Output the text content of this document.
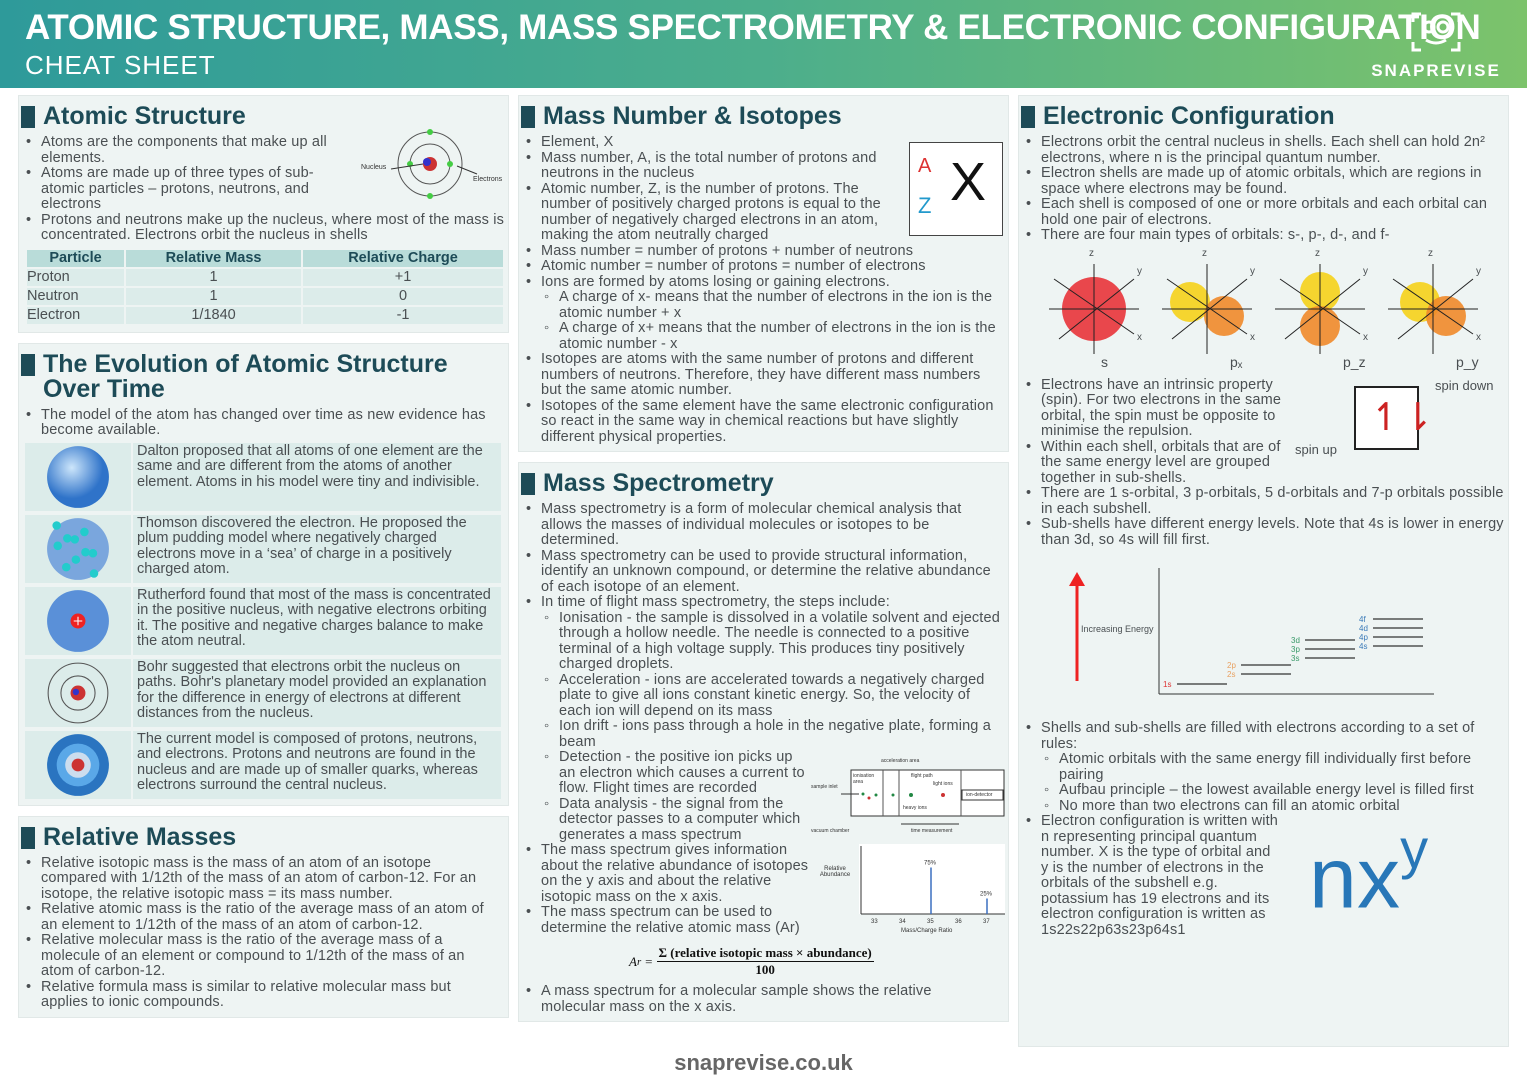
ATOMIC STRUCTURE, MASS, MASS SPECTROMETRY & ELECTRONIC CONFIGURATION
CHEAT SHEET	SNAPREVISE
Atomic Structure
• Atoms are the components that make up all elements.
• Atoms are made up of three types of sub-atomic particles – protons, neutrons, and electrons
• Protons and neutrons make up the nucleus, where most of the mass is concentrated. Electrons orbit the nucleus in shells
Nucleus
Electrons
Particle	Relative Mass	Relative Charge
Proton	1	+1
Neutron	1	0
Electron	1/1840	-1
The Evolution of Atomic Structure Over Time
• The model of the atom has changed over time as new evidence has become available.
Dalton proposed that all atoms of one element are the same and are different from the atoms of another element. Atoms in his model were tiny and indivisible.
Thomson discovered the electron. He proposed the plum pudding model where negatively charged electrons move in a ‘sea’ of charge in a positively charged atom.
Rutherford found that most of the mass is concentrated in the positive nucleus, with negative electrons orbiting it. The positive and negative charges balance to make the atom neutral.
Bohr suggested that electrons orbit the nucleus on paths. Bohr's planetary model provided an explanation for the difference in energy of electrons at different distances from the nucleus.
The current model is composed of protons, neutrons, and electrons. Protons and neutrons are found in the nucleus and are made up of smaller quarks, whereas electrons surround the central nucleus.
Relative Masses
• Relative isotopic mass is the mass of an atom of an isotope compared with 1/12th of the mass of an atom of carbon-12. For an isotope, the relative isotopic mass = its mass number.
• Relative atomic mass is the ratio of the average mass of an atom of an element to 1/12th of the mass of an atom of carbon-12.
• Relative molecular mass is the ratio of the average mass of a molecule of an element or compound to 1/12th of the mass of an atom of carbon-12.
• Relative formula mass is similar to relative molecular mass but applies to ionic compounds.
Mass Number & Isotopes
• Element, X
• Mass number, A, is the total number of protons and neutrons in the nucleus
• Atomic number, Z, is the number of protons. The number of positively charged protons is equal to the number of negatively charged electrons in an atom, making the atom neutrally charged
• Mass number = number of protons + number of neutrons
• Atomic number = number of protons = number of electrons
• Ions are formed by atoms losing or gaining electrons.
◦ A charge of x- means that the number of electrons in the ion is the atomic number + x
◦ A charge of x+ means that the number of electrons in the ion is the atomic number - x
• Isotopes are atoms with the same number of protons and different numbers of neutrons. Therefore, they have different mass numbers but the same atomic number.
• Isotopes of the same element have the same electronic configuration so react in the same way in chemical reactions but have slightly different physical properties.
A
Z X
Mass Spectrometry
• Mass spectrometry is a form of molecular chemical analysis that allows the masses of individual molecules or isotopes to be determined.
• Mass spectrometry can be used to provide structural information, identify an unknown compound, or determine the relative abundance of each isotope of an element.
• In time of flight mass spectrometry, the steps include:
◦ Ionisation - the sample is dissolved in a volatile solvent and ejected through a hollow needle. The needle is connected to a positive terminal of a high voltage supply. This produces tiny positively charged droplets.
◦ Acceleration - ions are accelerated towards a negatively charged plate to give all ions constant kinetic energy. So, the velocity of each ion will depend on its mass
◦ Ion drift - ions pass through a hole in the negative plate, forming a beam
◦ Detection - the positive ion picks up an electron which causes a current to flow. Flight times are recorded
◦ Data analysis - the signal from the detector passes to a computer which generates a mass spectrum
• The mass spectrum gives information about the relative abundance of isotopes on the y axis and about the relative isotopic mass on the x axis.
• The mass spectrum can be used to determine the relative atomic mass (Ar)
acceleration area
ionisation area
flight path
light ions
heavy ions
sample inlet
ion-detector
vacuum chamber	time measurement
33	34	35
75%
36	37
25%
Relative Abundance
Mass/Charge Ratio
A r =
Σ (relative isotopic mass × abundance)
100
• A mass spectrum for a molecular sample shows the relative molecular mass on the x axis.
Electronic Configuration
• Electrons orbit the central nucleus in shells. Each shell can hold 2n² electrons, where n is the principal quantum number.
• Electron shells are made up of atomic orbitals, which are regions in space where electrons may be found.
• Each shell is composed of one or more orbitals and each orbital can hold one pair of electrons.
• There are four main types of orbitals: s-, p-, d-, and f-
z
y
x
s
z
y
x
pₓ
z
y
x
p_z
z
y
x
p_y
• Electrons have an intrinsic property (spin). For two electrons in the same orbital, the spin must be opposite to minimise the repulsion.
• Within each shell, orbitals that are of the same energy level are grouped together in sub-shells.
↿⇂
spin down
spin up
• There are 1 s-orbital, 3 p-orbitals, 5 d-orbitals and 7-p orbitals possible in each subshell.
• Sub-shells have different energy levels. Note that 4s is lower in energy than 3d, so 4s will fill first.
1s
2s
2p
3s
3p
3d
4s
4p
4d
4f
Increasing Energy
• Shells and sub-shells are filled with electrons according to a set of rules:
◦ Atomic orbitals with the same energy fill individually first before pairing
◦ Aufbau principle – the lowest available energy level is filled first
◦ No more than two electrons can fill an atomic orbital
• Electron configuration is written with n representing principal quantum number. X is the type of orbital and y is the number of electrons in the orbitals of the subshell e.g. potassium has 19 electrons and its electron configuration is written as 1s22s22p63s23p64s1
$nx^y$
snaprevise.co.uk
